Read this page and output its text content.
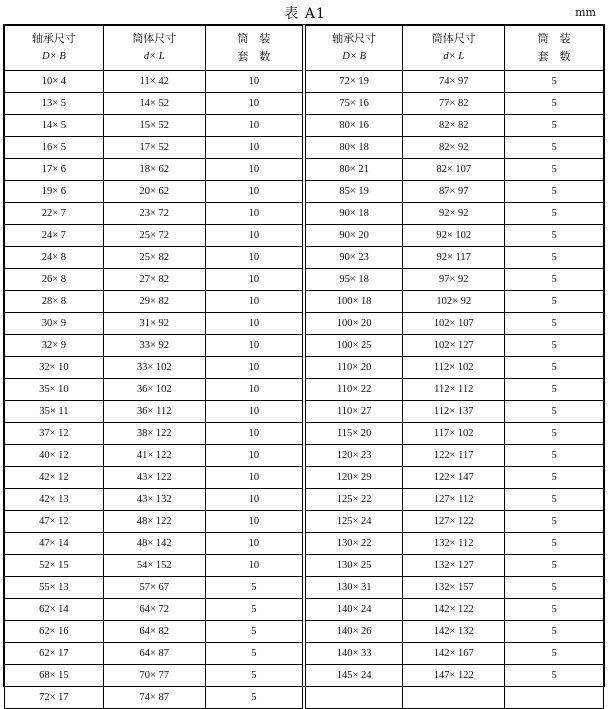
表 A1	mm
轴承尺寸
D× B	筒体尺寸
d× L	筒　装
套　数	轴承尺寸
D× B	筒体尺寸
d× L	筒　装
套　数

10× 4	11× 42	10	72× 19	74× 97	5
13× 5	14× 52	10	75× 16	77× 82	5
14× 5	15× 52	10	80× 16	82× 82	5
16× 5	17× 52	10	80× 18	82× 92	5
17× 6	18× 62	10	80× 21	82× 107	5
19× 6	20× 62	10	85× 19	87× 97	5
22× 7	23× 72	10	90× 18	92× 92	5
24× 7	25× 72	10	90× 20	92× 102	5
24× 8	25× 82	10	90× 23	92× 117	5
26× 8	27× 82	10	95× 18	97× 92	5
28× 8	29× 82	10	100× 18	102× 92	5
30× 9	31× 92	10	100× 20	102× 107	5
32× 9	33× 92	10	100× 25	102× 127	5
32× 10	33× 102	10	110× 20	112× 102	5
35× 10	36× 102	10	110× 22	112× 112	5
35× 11	36× 112	10	110× 27	112× 137	5
37× 12	38× 122	10	115× 20	117× 102	5
40× 12	41× 122	10	120× 23	122× 117	5
42× 12	43× 122	10	120× 29	122× 147	5
42× 13	43× 132	10	125× 22	127× 112	5
47× 12	48× 122	10	125× 24	127× 122	5
47× 14	48× 142	10	130× 22	132× 112	5
52× 15	54× 152	10	130× 25	132× 127	5
55× 13	57× 67	5	130× 31	132× 157	5
62× 14	64× 72	5	140× 24	142× 122	5
62× 16	64× 82	5	140× 26	142× 132	5
62× 17	64× 87	5	140× 33	142× 167	5
68× 15	70× 77	5	145× 24	147× 122	5
72× 17	74× 87	5			
